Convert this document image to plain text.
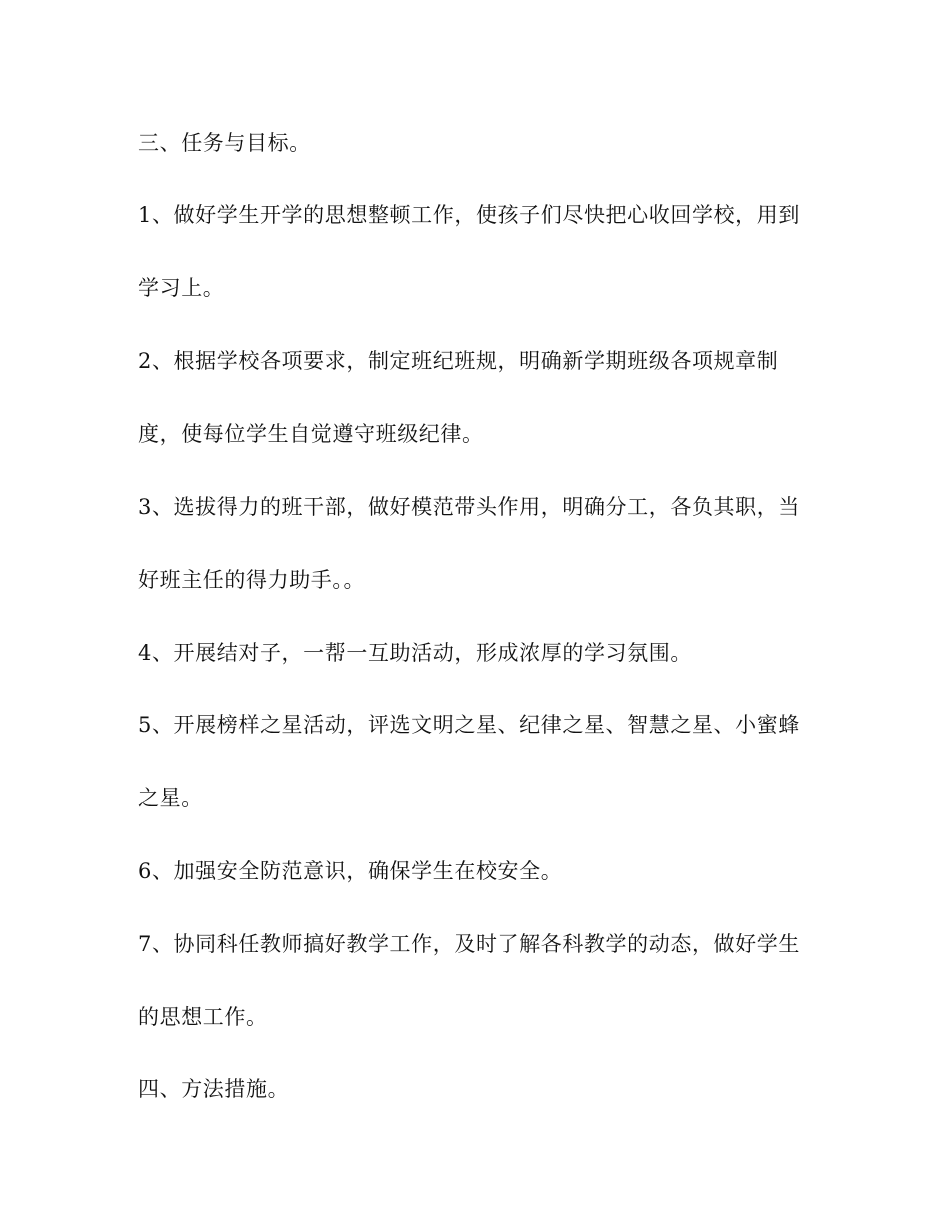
三、任务与目标。

1、做好学生开学的思想整顿工作，使孩子们尽快把心收回学校，用到

学习上。

2、根据学校各项要求，制定班纪班规，明确新学期班级各项规章制

度，使每位学生自觉遵守班级纪律。

3、选拔得力的班干部，做好模范带头作用，明确分工，各负其职，当

好班主任的得力助手。。

4、开展结对子，一帮一互助活动，形成浓厚的学习氛围。

5、开展榜样之星活动，评选文明之星、纪律之星、智慧之星、小蜜蜂

之星。

6、加强安全防范意识，确保学生在校安全。

7、协同科任教师搞好教学工作，及时了解各科教学的动态，做好学生

的思想工作。

四、方法措施。
